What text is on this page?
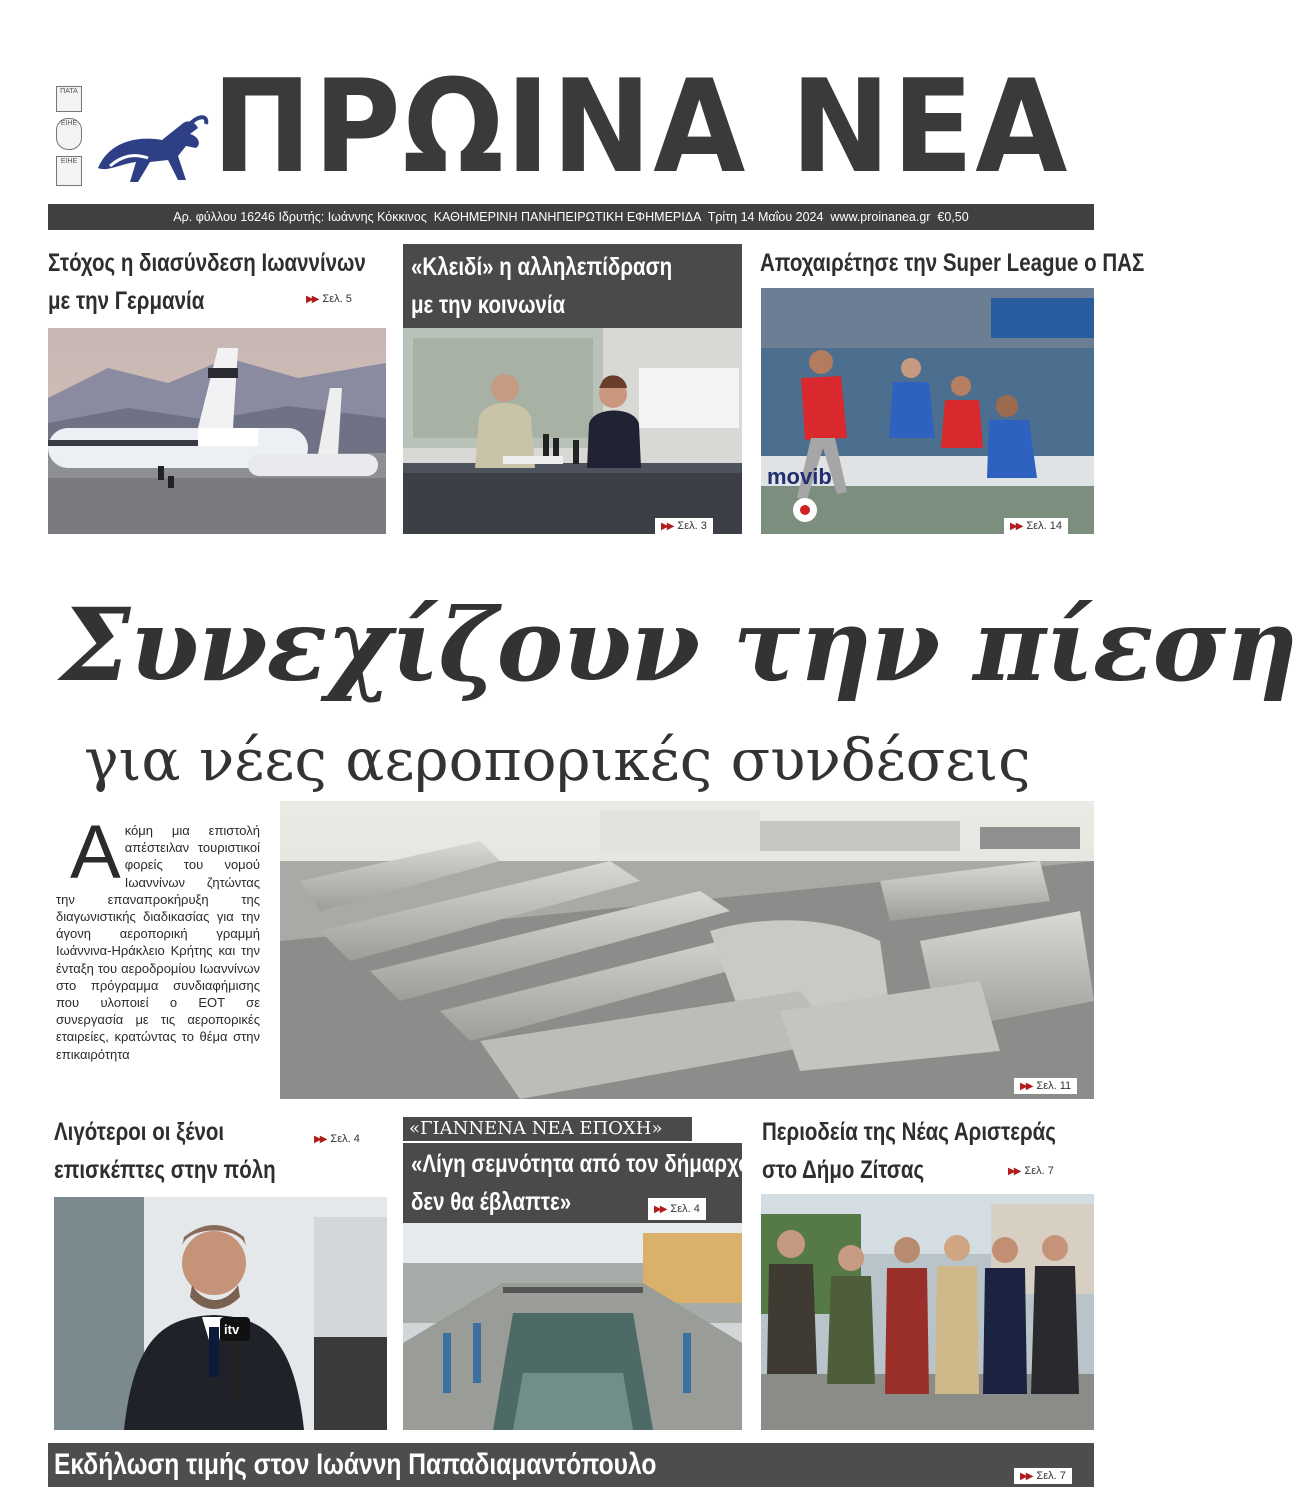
ΠΑΤΑ
ΕΙΗΕ
ΕΙΗΕ ΠΡΩΙΝΑ ΝΕΑ
Αρ. φύλλου 16246 Ιδρυτής: Ιωάννης Κόκκινος ΚΑΘΗΜΕΡΙΝΗ ΠΑΝΗΠΕΙΡΩΤΙΚΗ ΕΦΗΜΕΡΙΔΑ Τρίτη 14 Μαΐου 2024 www.proinanea.gr €0,50
Στόχος η διασύνδεση Ιωαννίνων
με την Γερμανία	▶▶ Σελ. 5
«Κλειδί» η αλληλεπίδραση
με την κοινωνία
▶▶ Σελ. 3
Αποχαιρέτησε την Super League ο ΠΑΣ
movib
▶▶ Σελ. 14
Συνεχίζουν την πίεση
για νέες αεροπορικές συνδέσεις
Ακόμη μια επιστολή απέστειλαν τουριστικοί φορείς του νομού Ιωαννίνων ζητώντας την επαναπροκήρυξη της διαγωνιστικής διαδικασίας για την άγονη αεροπορική γραμμή Ιωάννινα-Ηράκλειο Κρήτης και την ένταξη του αεροδρομίου Ιωαννίνων στο πρόγραμμα συνδιαφήμισης που υλοποιεί ο ΕΟΤ σε συνεργασία με τις αεροπορικές εταιρείες, κρατώντας το θέμα στην επικαιρότητα
▶▶ Σελ. 11
Λιγότεροι οι ξένοι
επισκέπτες στην πόλη
▶▶ Σελ. 4
itv
«ΓΙΑΝΝΕΝΑ ΝΕΑ ΕΠΟΧΗ»
«Λίγη σεμνότητα από τον δήμαρχο
δεν θα έβλαπτε»	▶▶ Σελ. 4
Περιοδεία της Νέας Αριστεράς
στο Δήμο Ζίτσας	▶▶ Σελ. 7
Εκδήλωση τιμής στον Ιωάννη Παπαδιαμαντόπουλο	▶▶ Σελ. 7
